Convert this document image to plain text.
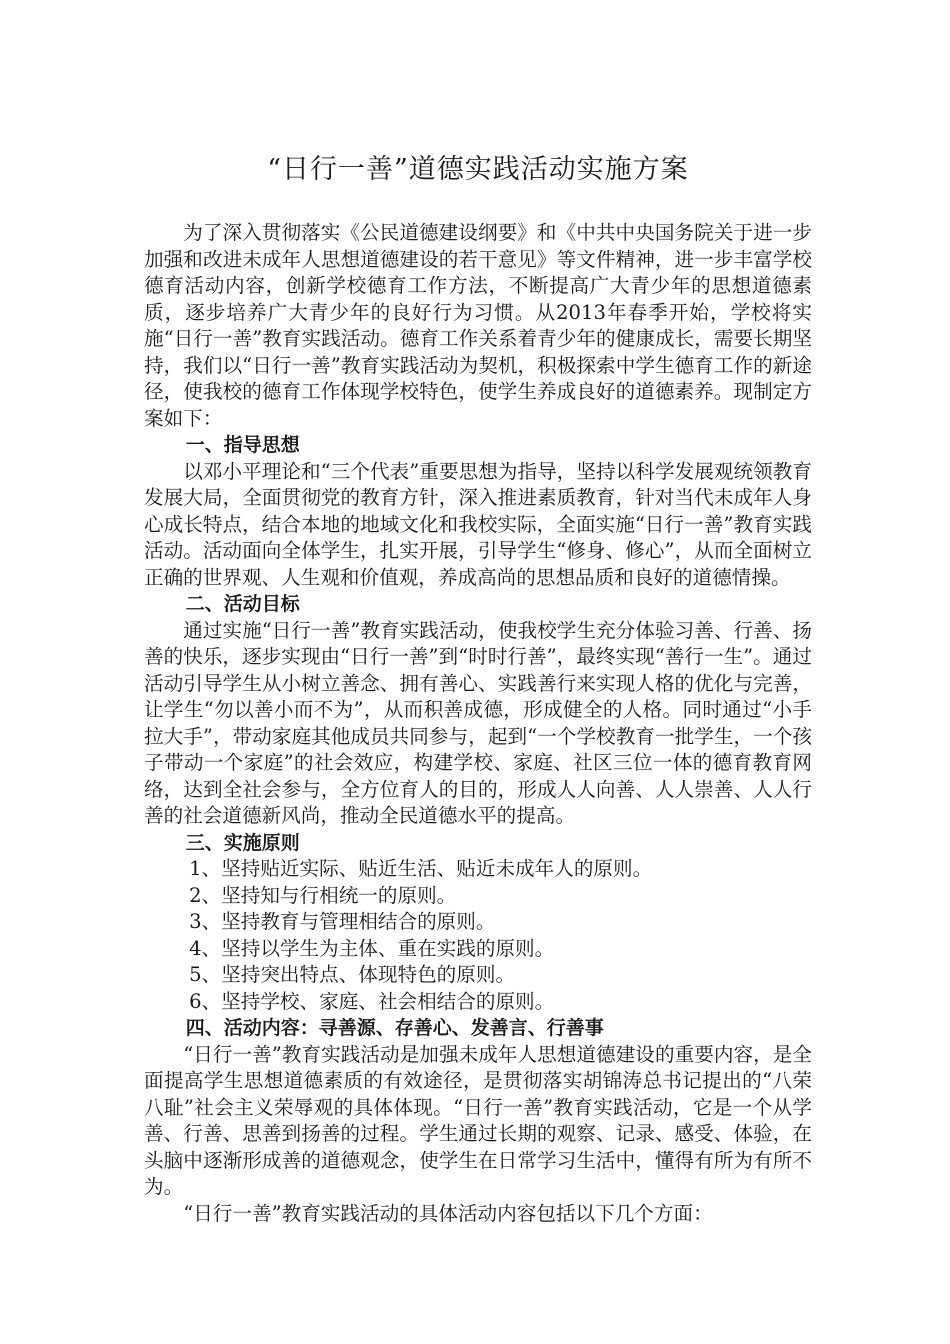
“日行一善”道德实践活动实施方案

为了深入贯彻落实《公民道德建设纲要》和《中共中央国务院关于进一步加强和改进未成年人思想道德建设的若干意见》等文件精神，进一步丰富学校德育活动内容，创新学校德育工作方法，不断提高广大青少年的思想道德素质，逐步培养广大青少年的良好行为习惯。从2013年春季开始，学校将实施“日行一善”教育实践活动。德育工作关系着青少年的健康成长，需要长期坚持，我们以“日行一善”教育实践活动为契机，积极探索中学生德育工作的新途径，使我校的德育工作体现学校特色，使学生养成良好的道德素养。现制定方案如下：

一、指导思想

以邓小平理论和“三个代表”重要思想为指导，坚持以科学发展观统领教育发展大局，全面贯彻党的教育方针，深入推进素质教育，针对当代未成年人身心成长特点，结合本地的地域文化和我校实际，全面实施“日行一善”教育实践活动。活动面向全体学生，扎实开展，引导学生“修身、修心”，从而全面树立正确的世界观、人生观和价值观，养成高尚的思想品质和良好的道德情操。

二、活动目标

通过实施“日行一善”教育实践活动，使我校学生充分体验习善、行善、扬善的快乐，逐步实现由“日行一善”到“时时行善”，最终实现“善行一生”。通过活动引导学生从小树立善念、拥有善心、实践善行来实现人格的优化与完善，让学生“勿以善小而不为”，从而积善成德，形成健全的人格。同时通过“小手拉大手”，带动家庭其他成员共同参与，起到“一个学校教育一批学生，一个孩子带动一个家庭”的社会效应，构建学校、家庭、社区三位一体的德育教育网络，达到全社会参与，全方位育人的目的，形成人人向善、人人崇善、人人行善的社会道德新风尚，推动全民道德水平的提高。

三、实施原则

1、坚持贴近实际、贴近生活、贴近未成年人的原则。

2、坚持知与行相统一的原则。

3、坚持教育与管理相结合的原则。

4、坚持以学生为主体、重在实践的原则。

5、坚持突出特点、体现特色的原则。

6、坚持学校、家庭、社会相结合的原则。

四、活动内容：寻善源、存善心、发善言、行善事

“日行一善”教育实践活动是加强未成年人思想道德建设的重要内容，是全面提高学生思想道德素质的有效途径，是贯彻落实胡锦涛总书记提出的“八荣八耻”社会主义荣辱观的具体体现。“日行一善”教育实践活动，它是一个从学善、行善、思善到扬善的过程。学生通过长期的观察、记录、感受、体验，在头脑中逐渐形成善的道德观念，使学生在日常学习生活中，懂得有所为有所不为。

“日行一善”教育实践活动的具体活动内容包括以下几个方面：
